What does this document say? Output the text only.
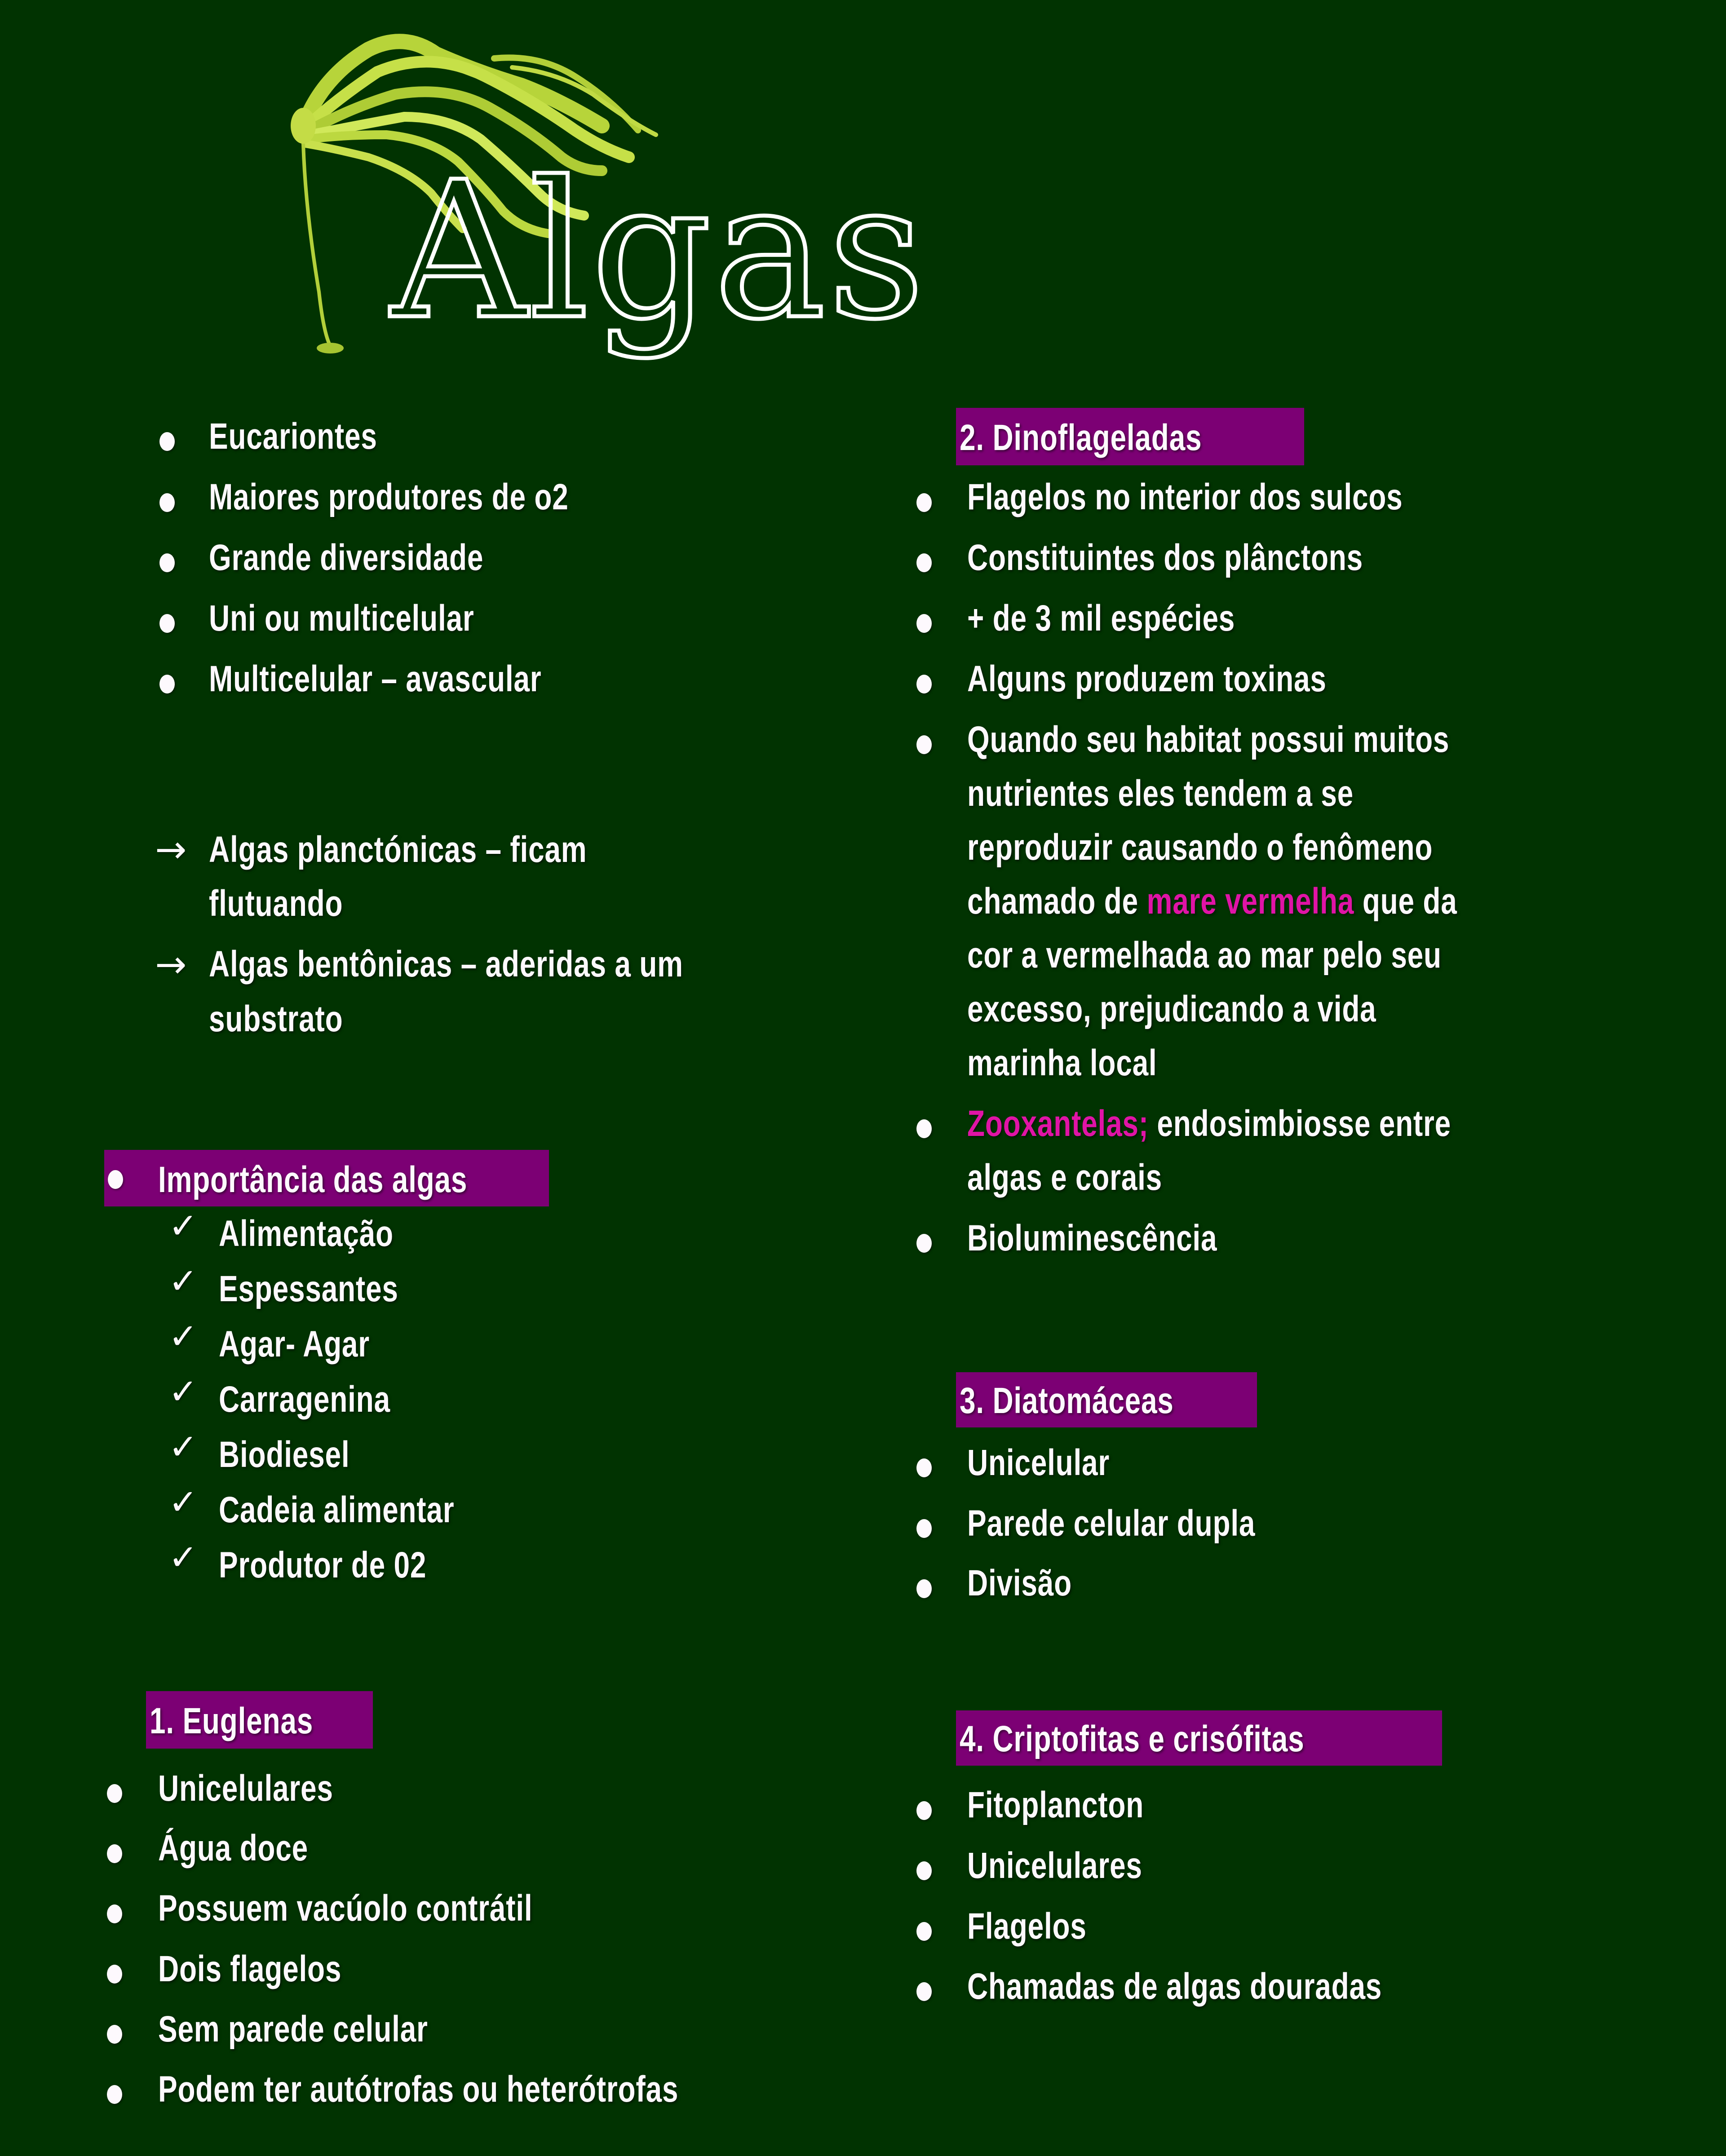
Algas
Eucariontes
Maiores produtores de o2
Grande diversidade
Uni ou multicelular
Multicelular – avascular
→ Algas planctónicas – ficam
flutuando
→ Algas bentônicas – aderidas a um
substrato
Importância das algas
✓ Alimentação
✓ Espessantes
✓ Agar- Agar
✓ Carragenina
✓ Biodiesel
✓ Cadeia alimentar
✓ Produtor de 02
1. Euglenas
Unicelulares
Água doce
Possuem vacúolo contrátil
Dois flagelos
Sem parede celular
Podem ter autótrofas ou heterótrofas
2. Dinoflageladas
Flagelos no interior dos sulcos
Constituintes dos plânctons
+ de 3 mil espécies
Alguns produzem toxinas
Quando seu habitat possui muitos
nutrientes eles tendem a se
reproduzir causando o fenômeno
chamado de mare vermelha que da
cor a vermelhada ao mar pelo seu
excesso, prejudicando a vida
marinha local
Zooxantelas; endosimbiosse entre
algas e corais
Bioluminescência
3. Diatomáceas
Unicelular
Parede celular dupla
Divisão
4. Criptofitas e crisófitas
Fitoplancton
Unicelulares
Flagelos
Chamadas de algas douradas
